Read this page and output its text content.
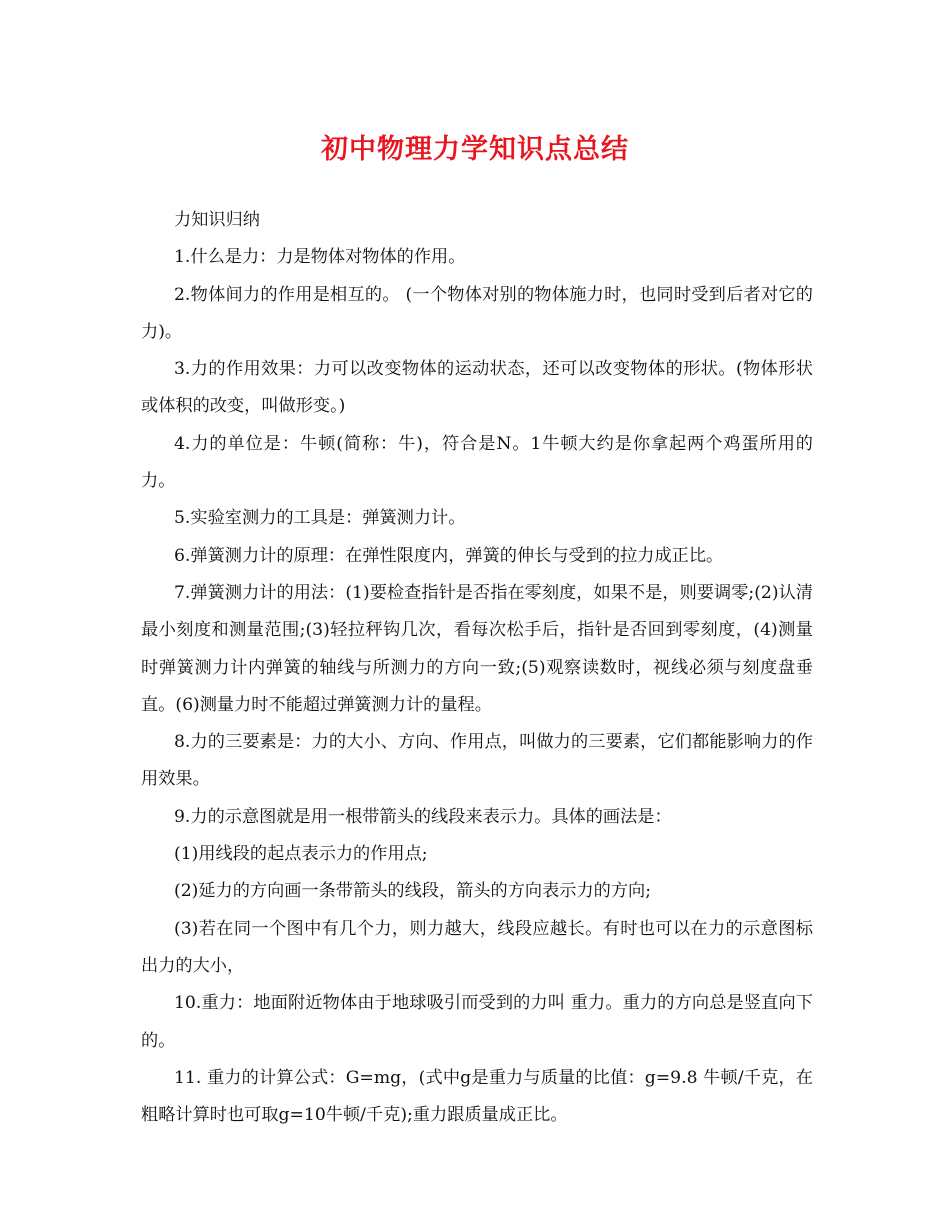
初中物理力学知识点总结

力知识归纳

1.什么是力：力是物体对物体的作用。

2.物体间力的作用是相互的。 (一个物体对别的物体施力时，也同时受到后者对它的力)。

3.力的作用效果：力可以改变物体的运动状态，还可以改变物体的形状。(物体形状或体积的改变，叫做形变。)

4.力的单位是：牛顿(简称：牛)，符合是N。1牛顿大约是你拿起两个鸡蛋所用的力。

5.实验室测力的工具是：弹簧测力计。

6.弹簧测力计的原理：在弹性限度内，弹簧的伸长与受到的拉力成正比。

7.弹簧测力计的用法：(1)要检查指针是否指在零刻度，如果不是，则要调零;(2)认清最小刻度和测量范围;(3)轻拉秤钩几次，看每次松手后，指针是否回到零刻度，(4)测量时弹簧测力计内弹簧的轴线与所测力的方向一致;(5)观察读数时，视线必须与刻度盘垂直。(6)测量力时不能超过弹簧测力计的量程。

8.力的三要素是：力的大小、方向、作用点，叫做力的三要素，它们都能影响力的作用效果。

9.力的示意图就是用一根带箭头的线段来表示力。具体的画法是：

(1)用线段的起点表示力的作用点;

(2)延力的方向画一条带箭头的线段，箭头的方向表示力的方向;

(3)若在同一个图中有几个力，则力越大，线段应越长。有时也可以在力的示意图标出力的大小，

10.重力：地面附近物体由于地球吸引而受到的力叫 重力。重力的方向总是竖直向下的。

11. 重力的计算公式：G=mg，(式中g是重力与质量的比值：g=9.8 牛顿/千克，在粗略计算时也可取g=10牛顿/千克);重力跟质量成正比。
